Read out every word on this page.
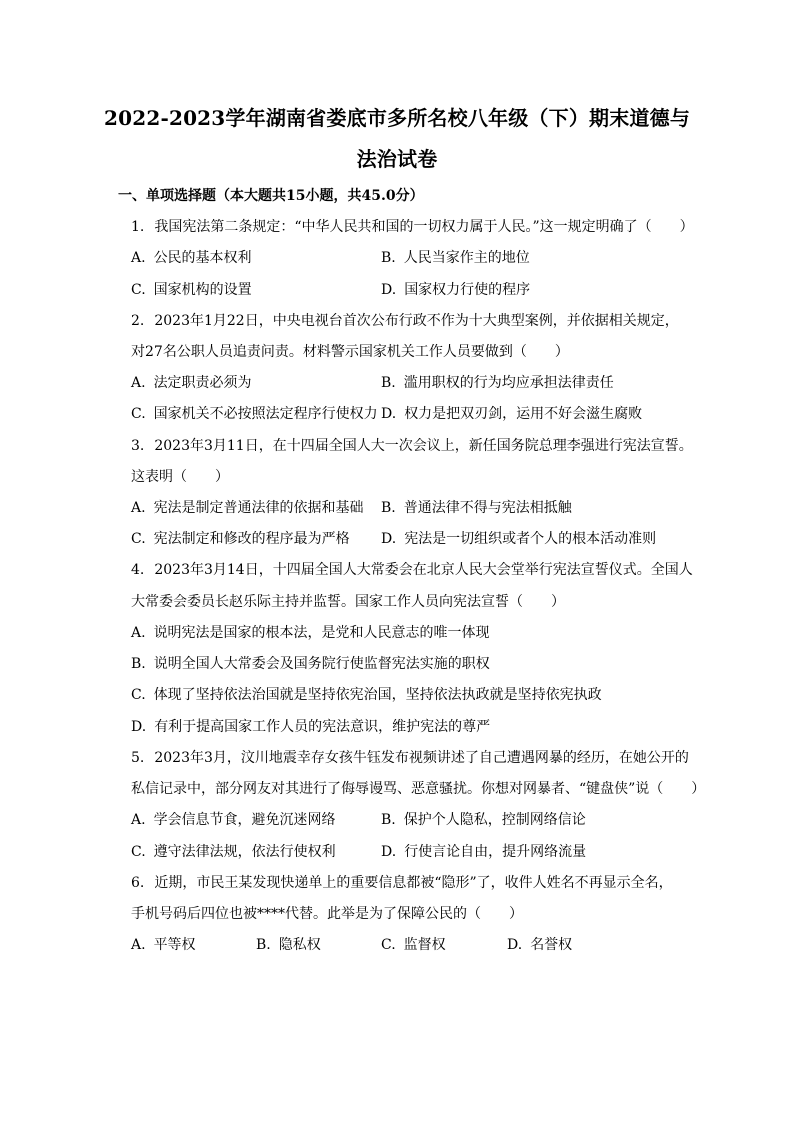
2022-2023学年湖南省娄底市多所名校八年级（下）期末道德与
法治试卷
一、单项选择题（本大题共15小题，共45.0分）
1. 我国宪法第二条规定：“中华人民共和国的一切权力属于人民。”这一规定明确了（　　）
A. 公民的基本权利	B. 人民当家作主的地位
C. 国家机构的设置	D. 国家权力行使的程序
2. 2023年1月22日，中央电视台首次公布行政不作为十大典型案例，并依据相关规定，
对27名公职人员追责问责。材料警示国家机关工作人员要做到（　　）
A. 法定职责必须为	B. 滥用职权的行为均应承担法律责任
C. 国家机关不必按照法定程序行使权力 D. 权力是把双刃剑，运用不好会滋生腐败
3. 2023年3月11日，在十四届全国人大一次会议上，新任国务院总理李强进行宪法宣誓。
这表明（　　）
A. 宪法是制定普通法律的依据和基础 B. 普通法律不得与宪法相抵触
C. 宪法制定和修改的程序最为严格 D. 宪法是一切组织或者个人的根本活动准则
4. 2023年3月14日，十四届全国人大常委会在北京人民大会堂举行宪法宣誓仪式。全国人
大常委会委员长赵乐际主持并监誓。国家工作人员向宪法宣誓（　　）
A. 说明宪法是国家的根本法，是党和人民意志的唯一体现
B. 说明全国人大常委会及国务院行使监督宪法实施的职权
C. 体现了坚持依法治国就是坚持依宪治国，坚持依法执政就是坚持依宪执政
D. 有利于提高国家工作人员的宪法意识，维护宪法的尊严
5. 2023年3月，汶川地震幸存女孩牛钰发布视频讲述了自己遭遇网暴的经历，在她公开的
私信记录中，部分网友对其进行了侮辱谩骂、恶意骚扰。你想对网暴者、“键盘侠”说（　　）
A. 学会信息节食，避免沉迷网络	B. 保护个人隐私，控制网络信论
C. 遵守法律法规，依法行使权利	D. 行使言论自由，提升网络流量
6. 近期，市民王某发现快递单上的重要信息都被“隐形”了，收件人姓名不再显示全名，
手机号码后四位也被****代替。此举是为了保障公民的（　　）
A. 平等权	B. 隐私权	C. 监督权	D. 名誉权
